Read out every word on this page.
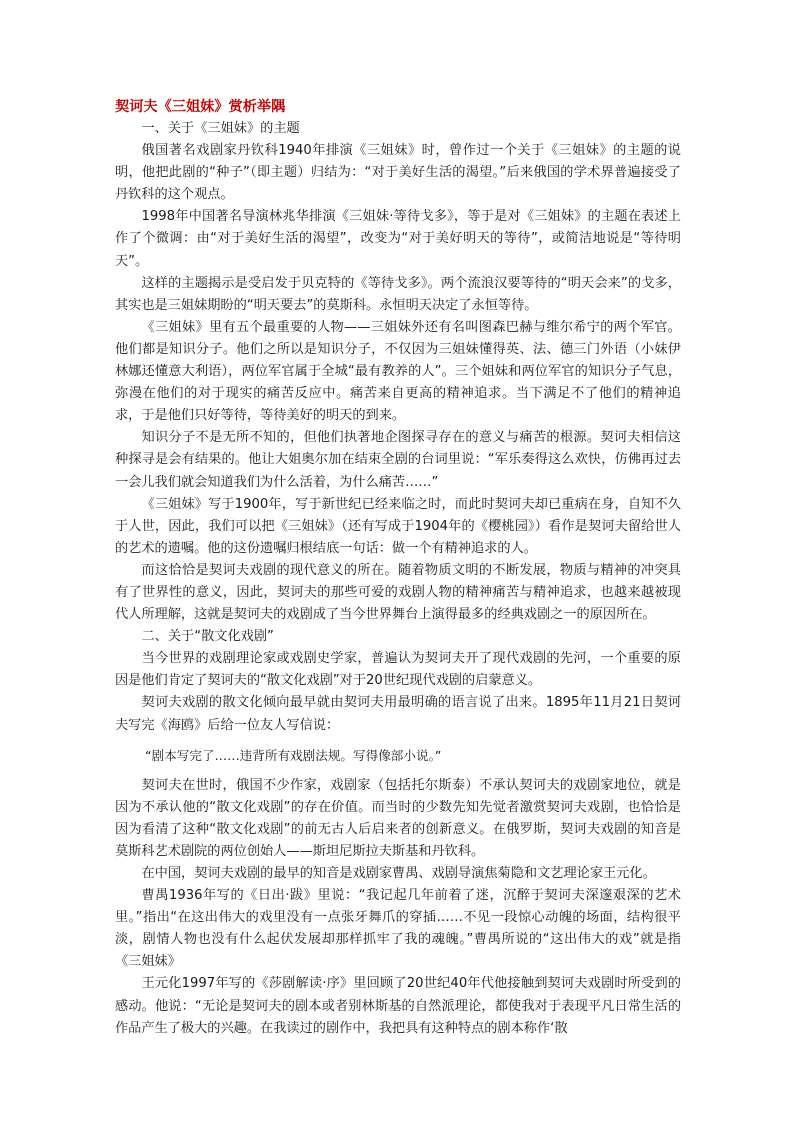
契诃夫《三姐妹》赏析举隅

一、关于《三姐妹》的主题

俄国著名戏剧家丹钦科1940年排演《三姐妹》时，曾作过一个关于《三姐妹》的主题的说明，他把此剧的“种子”（即主题）归结为：“对于美好生活的渴望。”后来俄国的学术界普遍接受了丹钦科的这个观点。

1998年中国著名导演林兆华排演《三姐妹·等待戈多》，等于是对《三姐妹》的主题在表述上作了个微调：由“对于美好生活的渴望”，改变为“对于美好明天的等待”，或简洁地说是“等待明天”。

这样的主题揭示是受启发于贝克特的《等待戈多》。两个流浪汉要等待的“明天会来”的戈多，其实也是三姐妹期盼的“明天要去”的莫斯科。永恒明天决定了永恒等待。

《三姐妹》里有五个最重要的人物——三姐妹外还有名叫图森巴赫与维尔希宁的两个军官。他们都是知识分子。他们之所以是知识分子，不仅因为三姐妹懂得英、法、德三门外语（小妹伊林娜还懂意大利语），两位军官属于全城“最有教养的人”。三个姐妹和两位军官的知识分子气息，弥漫在他们的对于现实的痛苦反应中。痛苦来自更高的精神追求。当下满足不了他们的精神追求，于是他们只好等待，等待美好的明天的到来。

知识分子不是无所不知的，但他们执著地企图探寻存在的意义与痛苦的根源。契诃夫相信这种探寻是会有结果的。他让大姐奥尔加在结束全剧的台词里说：“军乐奏得这么欢快，仿佛再过去一会儿我们就会知道我们为什么活着，为什么痛苦……”

《三姐妹》写于1900年，写于新世纪已经来临之时，而此时契诃夫却已重病在身，自知不久于人世，因此，我们可以把《三姐妹》（还有写成于1904年的《樱桃园》）看作是契诃夫留给世人的艺术的遗嘱。他的这份遗嘱归根结底一句话：做一个有精神追求的人。

而这恰恰是契诃夫戏剧的现代意义的所在。随着物质文明的不断发展，物质与精神的冲突具有了世界性的意义，因此，契诃夫的那些可爱的戏剧人物的精神痛苦与精神追求，也越来越被现代人所理解，这就是契诃夫的戏剧成了当今世界舞台上演得最多的经典戏剧之一的原因所在。

二、关于“散文化戏剧”

当今世界的戏剧理论家或戏剧史学家，普遍认为契诃夫开了现代戏剧的先河，一个重要的原因是他们肯定了契诃夫的“散文化戏剧”对于20世纪现代戏剧的启蒙意义。

契诃夫戏剧的散文化倾向最早就由契诃夫用最明确的语言说了出来。1895年11月21日契诃夫写完《海鸥》后给一位友人写信说：

“剧本写完了……违背所有戏剧法规。写得像部小说。”

契诃夫在世时，俄国不少作家，戏剧家（包括托尔斯泰）不承认契诃夫的戏剧家地位，就是因为不承认他的“散文化戏剧”的存在价值。而当时的少数先知先觉者激赏契诃夫戏剧，也恰恰是因为看清了这种“散文化戏剧”的前无古人后启来者的创新意义。在俄罗斯，契诃夫戏剧的知音是莫斯科艺术剧院的两位创始人——斯坦尼斯拉夫斯基和丹钦科。

在中国，契诃夫戏剧的最早的知音是戏剧家曹禺、戏剧导演焦菊隐和文艺理论家王元化。

曹禺1936年写的《日出·跋》里说：“我记起几年前着了迷，沉醉于契诃夫深邃艰深的艺术里。”指出“在这出伟大的戏里没有一点张牙舞爪的穿插……不见一段惊心动魄的场面，结构很平淡，剧情人物也没有什么起伏发展却那样抓牢了我的魂魄。”曹禺所说的“这出伟大的戏”就是指《三姐妹》

王元化1997年写的《莎剧解读·序》里回顾了20世纪40年代他接触到契诃夫戏剧时所受到的感动。他说：“无论是契诃夫的剧本或者别林斯基的自然派理论，都使我对于表现平凡日常生活的作品产生了极大的兴趣。在我读过的剧作中，我把具有这种特点的剧本称作‘散
